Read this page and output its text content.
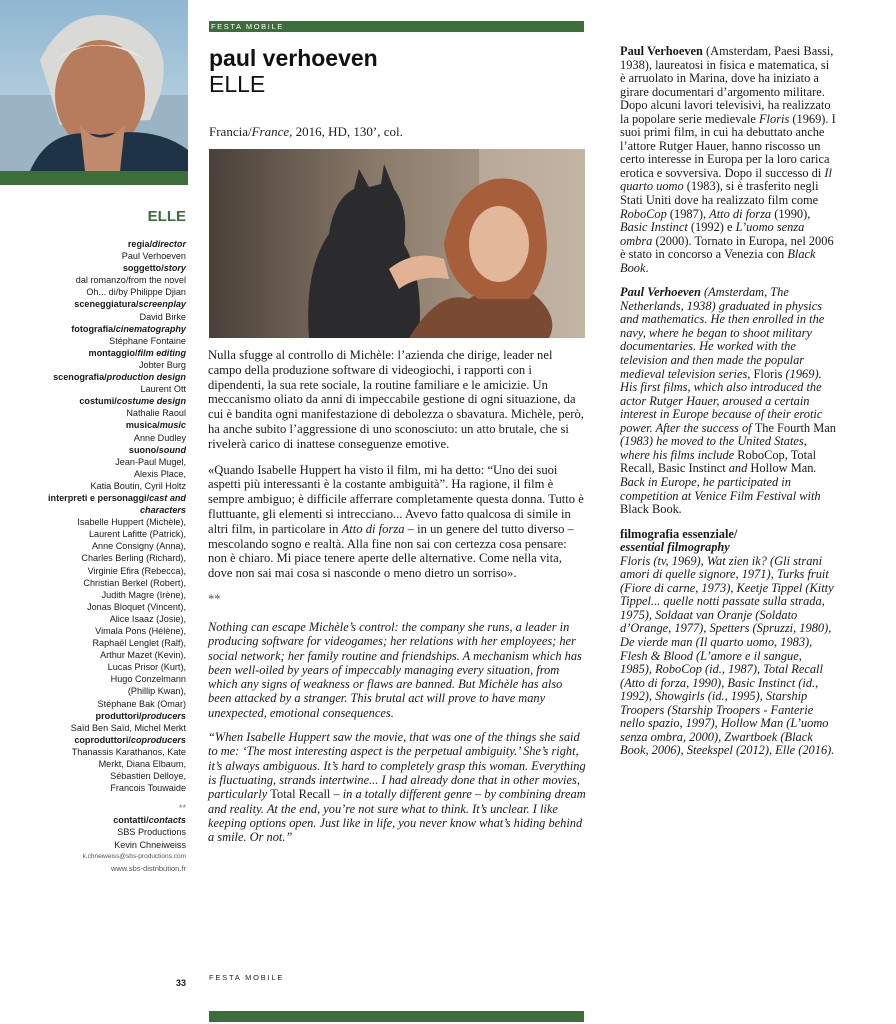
ELLE
regia/director
Paul Verhoeven
soggetto/story
dal romanzo/from the novel
Oh... di/by Philippe Djian
sceneggiatura/screenplay
David Birke
fotografia/cinematography
Stéphane Fontaine
montaggio/film editing
Jobter Burg
scenografia/production design
Laurent Ott
costumi/costume design
Nathalie Raoul
musica/music
Anne Dudley
suono/sound
Jean-Paul Mugel,
Alexis Place,
Katia Boutin, Cyril Holtz
interpreti e personaggi/cast and characters
Isabelle Huppert (Michèle),
Laurent Lafitte (Patrick),
Anne Consigny (Anna),
Charles Berling (Richard),
Virginie Efira (Rebecca),
Christian Berkel (Robert),
Judith Magre (Irène),
Jonas Bloquet (Vincent),
Alice Isaaz (Josie),
Vimala Pons (Hélène),
Raphaël Lenglet (Ralf),
Arthur Mazet (Kevin),
Lucas Prisor (Kurt),
Hugo Conzelmann
(Phillip Kwan),
Stéphane Bak (Omar)
produttori/producers
Saïd Ben Saïd, Michel Merkt
coproduttori/coproducers
Thanassis Karathanos, Kate
Merkt, Diana Elbaum,
Sébastien Delloye,
Francois Touwaide
**
contatti/contacts
SBS Productions
Kevin Chneiweiss
k.chneiweiss@sbs-productions.com
www.sbs-distribution.fr
FESTA MOBILE
paul verhoeven
ELLE
Francia/France, 2016, HD, 130’, col.

Nulla sfugge al controllo di Michèle: l’azienda che dirige, leader nel campo della produzione software di videogiochi, i rapporti con i dipendenti, la sua rete sociale, la routine familiare e le amicizie. Un meccanismo oliato da anni di impeccabile gestione di ogni situazione, da cui è bandita ogni manifestazione di debolezza o sbavatura. Michèle, però, ha anche subito l’aggressione di uno sconosciuto: un atto brutale, che si rivelerà carico di inattese conseguenze emotive.

«Quando Isabelle Huppert ha visto il film, mi ha detto: “Uno dei suoi aspetti più interessanti è la costante ambiguità”. Ha ragione, il film è sempre ambiguo; è difficile afferrare completamente questa donna. Tutto è fluttuante, gli elementi si intrecciano... Avevo fatto qualcosa di simile in altri film, in particolare in Atto di forza – in un genere del tutto diverso – mescolando sogno e realtà. Alla fine non sai con certezza cosa pensare: non è chiaro. Mi piace tenere aperte delle alternative. Come nella vita, dove non sai mai cosa si nasconde o meno dietro un sorriso».

**

Nothing can escape Michèle’s control: the company she runs, a leader in producing software for videogames; her relations with her employees; her social network; her family routine and friendships. A mechanism which has been well-oiled by years of impeccably managing every situation, from which any signs of weakness or flaws are banned. But Michèle has also been attacked by a stranger. This brutal act will prove to have many unexpected, emotional consequences.

“When Isabelle Huppert saw the movie, that was one of the things she said to me: ‘The most interesting aspect is the perpetual ambiguity.’ She’s right, it’s always ambiguous. It’s hard to completely grasp this woman. Everything is fluctuating, strands intertwine... I had already done that in other movies, particularly Total Recall – in a totally different genre – by combining dream and reality. At the end, you’re not sure what to think. It’s unclear. I like keeping options open. Just like in life, you never know what’s hiding behind a smile. Or not.”

Paul Verhoeven (Amsterdam, Paesi Bassi, 1938), laureatosi in fisica e matematica, si è arruolato in Marina, dove ha iniziato a girare documentari d’argomento militare. Dopo alcuni lavori televisivi, ha realizzato la popolare serie medievale Floris (1969). I suoi primi film, in cui ha debuttato anche l’attore Rutger Hauer, hanno riscosso un certo interesse in Europa per la loro carica erotica e sovversiva. Dopo il successo di Il quarto uomo (1983), si è trasferito negli Stati Uniti dove ha realizzato film come RoboCop (1987), Atto di forza (1990), Basic Instinct (1992) e L’uomo senza ombra (2000). Tornato in Europa, nel 2006 è stato in concorso a Venezia con Black Book.

Paul Verhoeven (Amsterdam, The Netherlands, 1938) graduated in physics and mathematics. He then enrolled in the navy, where he began to shoot military documentaries. He worked with the television and then made the popular medieval television series, Floris (1969). His first films, which also introduced the actor Rutger Hauer, aroused a certain interest in Europe because of their erotic power. After the success of The Fourth Man (1983) he moved to the United States, where his films include RoboCop, Total Recall, Basic Instinct and Hollow Man. Back in Europe, he participated in competition at Venice Film Festival with Black Book.

filmografia essenziale/
essential filmography
Floris (tv, 1969), Wat zien ik? (Gli strani amori di quelle signore, 1971), Turks fruit (Fiore di carne, 1973), Keetje Tippel (Kitty Tippel... quelle notti passate sulla strada, 1975), Soldaat van Oranje (Soldato d’Orange, 1977), Spetters (Spruzzi, 1980), De vierde man (Il quarto uomo, 1983), Flesh & Blood (L’amore e il sangue, 1985), RoboCop (id., 1987), Total Recall (Atto di forza, 1990), Basic Instinct (id., 1992), Showgirls (id., 1995), Starship Troopers (Starship Troopers - Fanterie nello spazio, 1997), Hollow Man (L’uomo senza ombra, 2000), Zwartboek (Black Book, 2006), Steekspel (2012), Elle (2016).
33
FESTA MOBILE
